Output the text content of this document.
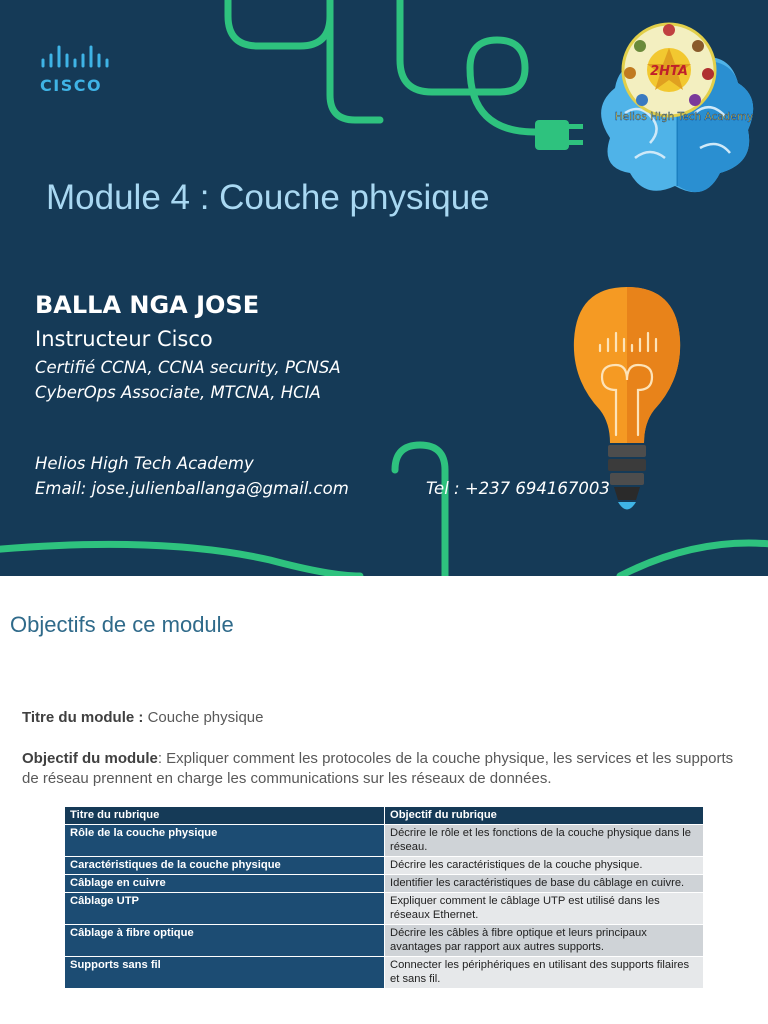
CISCO
2HTA
Helios High Tech Academy
Module 4 : Couche physique
BALLA NGA JOSE
Instructeur Cisco
Certifié CCNA, CCNA security, PCNSA
CyberOps Associate, MTCNA, HCIA
Helios High Tech Academy
Email: jose.julienballanga@gmail.com	Tel : +237 694167003
Objectifs de ce module
Titre du module : Couche physique
Objectif du module: Expliquer comment les protocoles de la couche physique, les services et les supports de réseau prennent en charge les communications sur les réseaux de données.
Titre du rubrique	Objectif du rubrique
Rôle de la couche physique	Décrire le rôle et les fonctions de la couche physique dans le réseau.
Caractéristiques de la couche physique	Décrire les caractéristiques de la couche physique.
Câblage en cuivre	Identifier les caractéristiques de base du câblage en cuivre.
Câblage UTP	Expliquer comment le câblage UTP est utilisé dans les réseaux Ethernet.
Câblage à fibre optique	Décrire les câbles à fibre optique et leurs principaux avantages par rapport aux autres supports.
Supports sans fil	Connecter les périphériques en utilisant des supports filaires et sans fil.
